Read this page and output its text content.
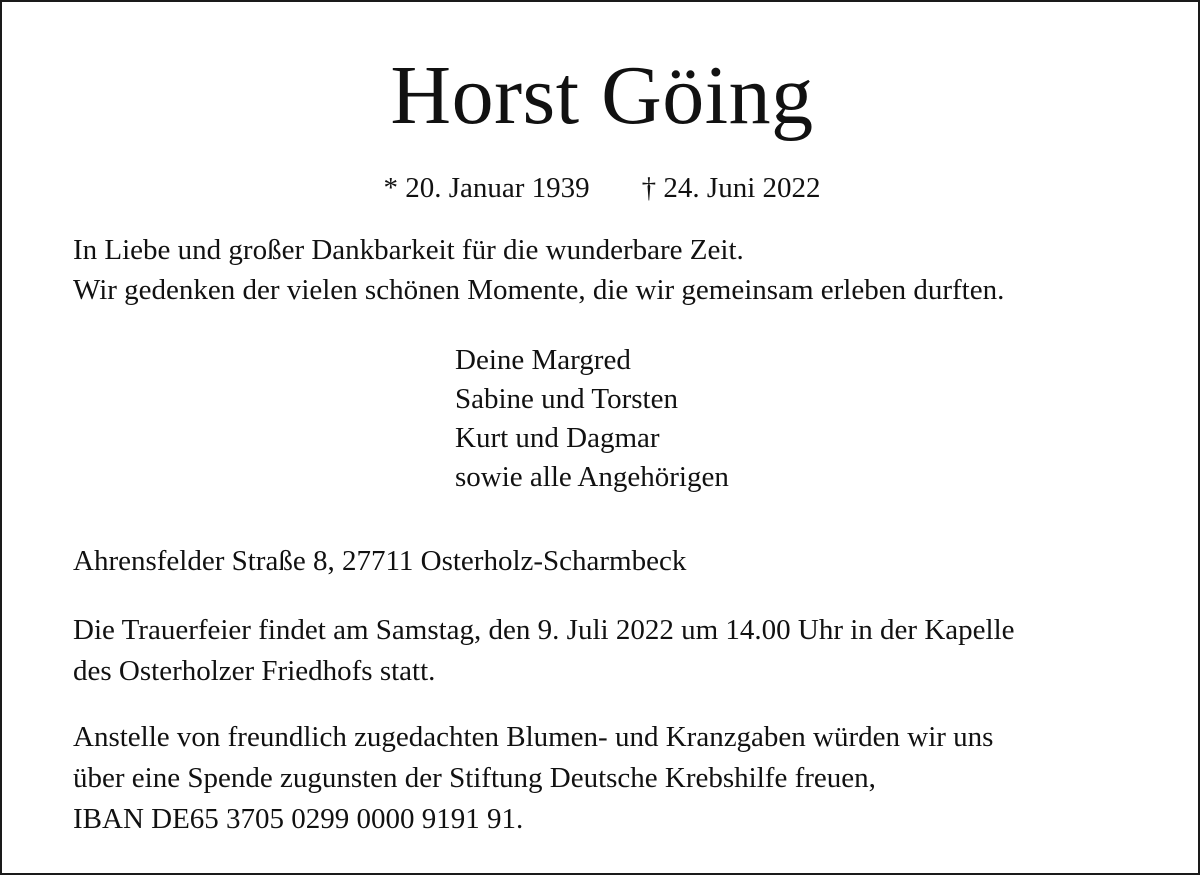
Horst Göing
* 20. Januar 1939 † 24. Juni 2022
In Liebe und großer Dankbarkeit für die wunderbare Zeit.
Wir gedenken der vielen schönen Momente, die wir gemeinsam erleben durften.
Deine Margred
Sabine und Torsten
Kurt und Dagmar
sowie alle Angehörigen
Ahrensfelder Straße 8, 27711 Osterholz-Scharmbeck
Die Trauerfeier findet am Samstag, den 9. Juli 2022 um 14.00 Uhr in der Kapelle
des Osterholzer Friedhofs statt.
Anstelle von freundlich zugedachten Blumen- und Kranzgaben würden wir uns
über eine Spende zugunsten der Stiftung Deutsche Krebshilfe freuen,
IBAN DE65 3705 0299 0000 9191 91.
